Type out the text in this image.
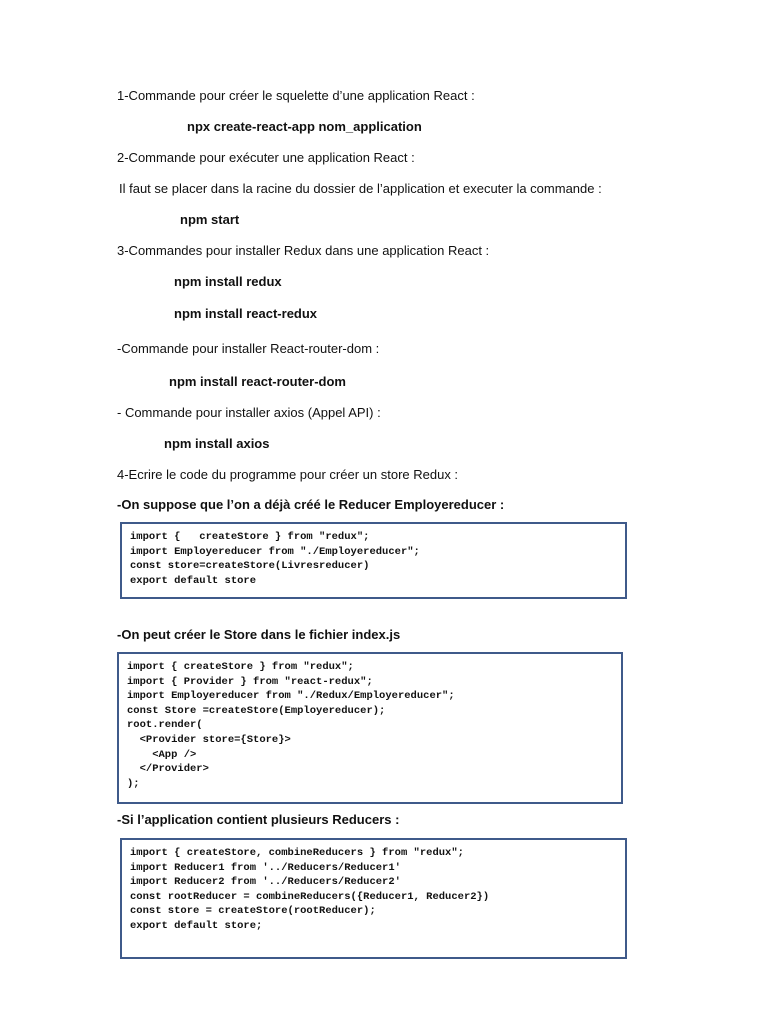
1-Commande pour créer le squelette d’une application React :
npx create-react-app nom_application
2-Commande pour exécuter une application React :
Il faut se placer dans la racine du dossier de l’application et executer la commande :
npm start
3-Commandes pour installer Redux dans une application React :
npm install redux
npm install react-redux
-Commande pour installer React-router-dom :
npm install react-router-dom
- Commande pour installer axios (Appel API) :
npm install axios
4-Ecrire le code du programme pour créer un store Redux :
-On suppose que l’on a déjà créé le Reducer Employereducer :
import {   createStore } from "redux";
import Employereducer from "./Employereducer";
const store=createStore(Livresreducer)
export default store
-On peut créer le Store dans le fichier index.js
import { createStore } from "redux";
import { Provider } from "react-redux";
import Employereducer from "./Redux/Employereducer";
const Store =createStore(Employereducer);
root.render(
<Provider store={Store}>
<App />
</Provider>
);
-Si l’application contient plusieurs Reducers :
import { createStore, combineReducers } from "redux";
import Reducer1 from '../Reducers/Reducer1'
import Reducer2 from '../Reducers/Reducer2'
const rootReducer = combineReducers({Reducer1, Reducer2})
const store = createStore(rootReducer);
export default store;
